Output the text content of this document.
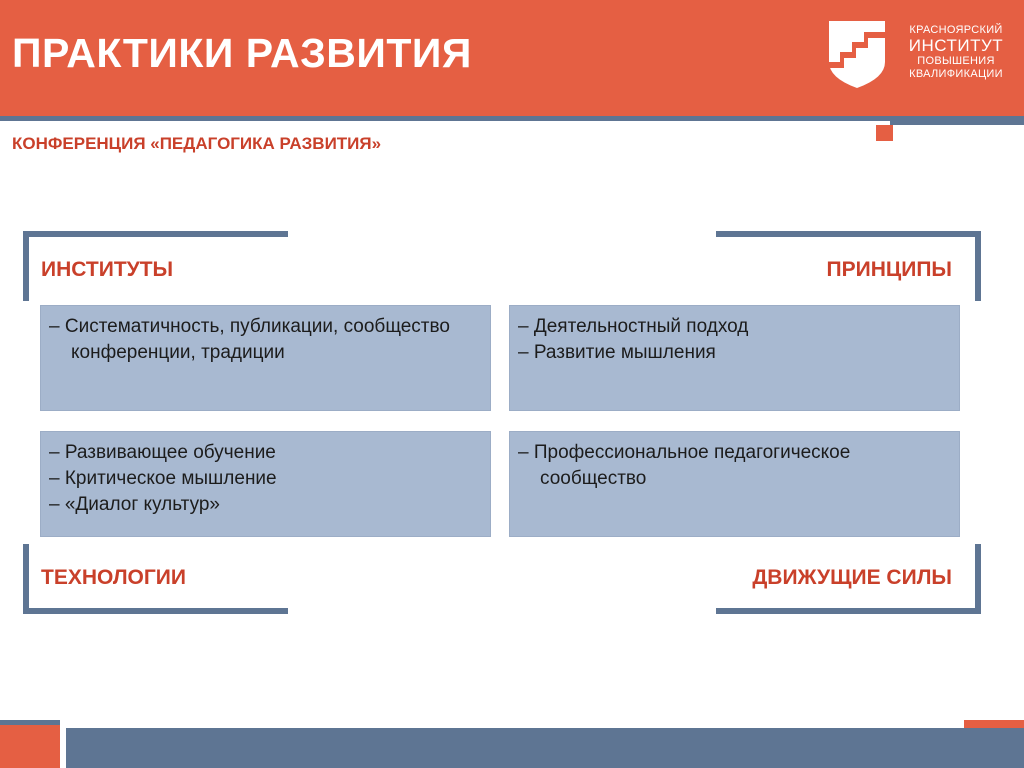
ПРАКТИКИ РАЗВИТИЯ	КРАСНОЯРСКИЙ
ИНСТИТУТ
ПОВЫШЕНИЯ
КВАЛИФИКАЦИИ
КОНФЕРЕНЦИЯ «ПЕДАГОГИКА РАЗВИТИЯ»
ИНСТИТУТЫ	ПРИНЦИПЫ
ТЕХНОЛОГИИ	ДВИЖУЩИЕ СИЛЫ
– Систематичность, публикации, сообщество конференции, традиции
– Деятельностный подход
– Развитие мышления
– Развивающее обучение
– Критическое мышление
– «Диалог культур»
– Профессиональное педагогическое сообщество
